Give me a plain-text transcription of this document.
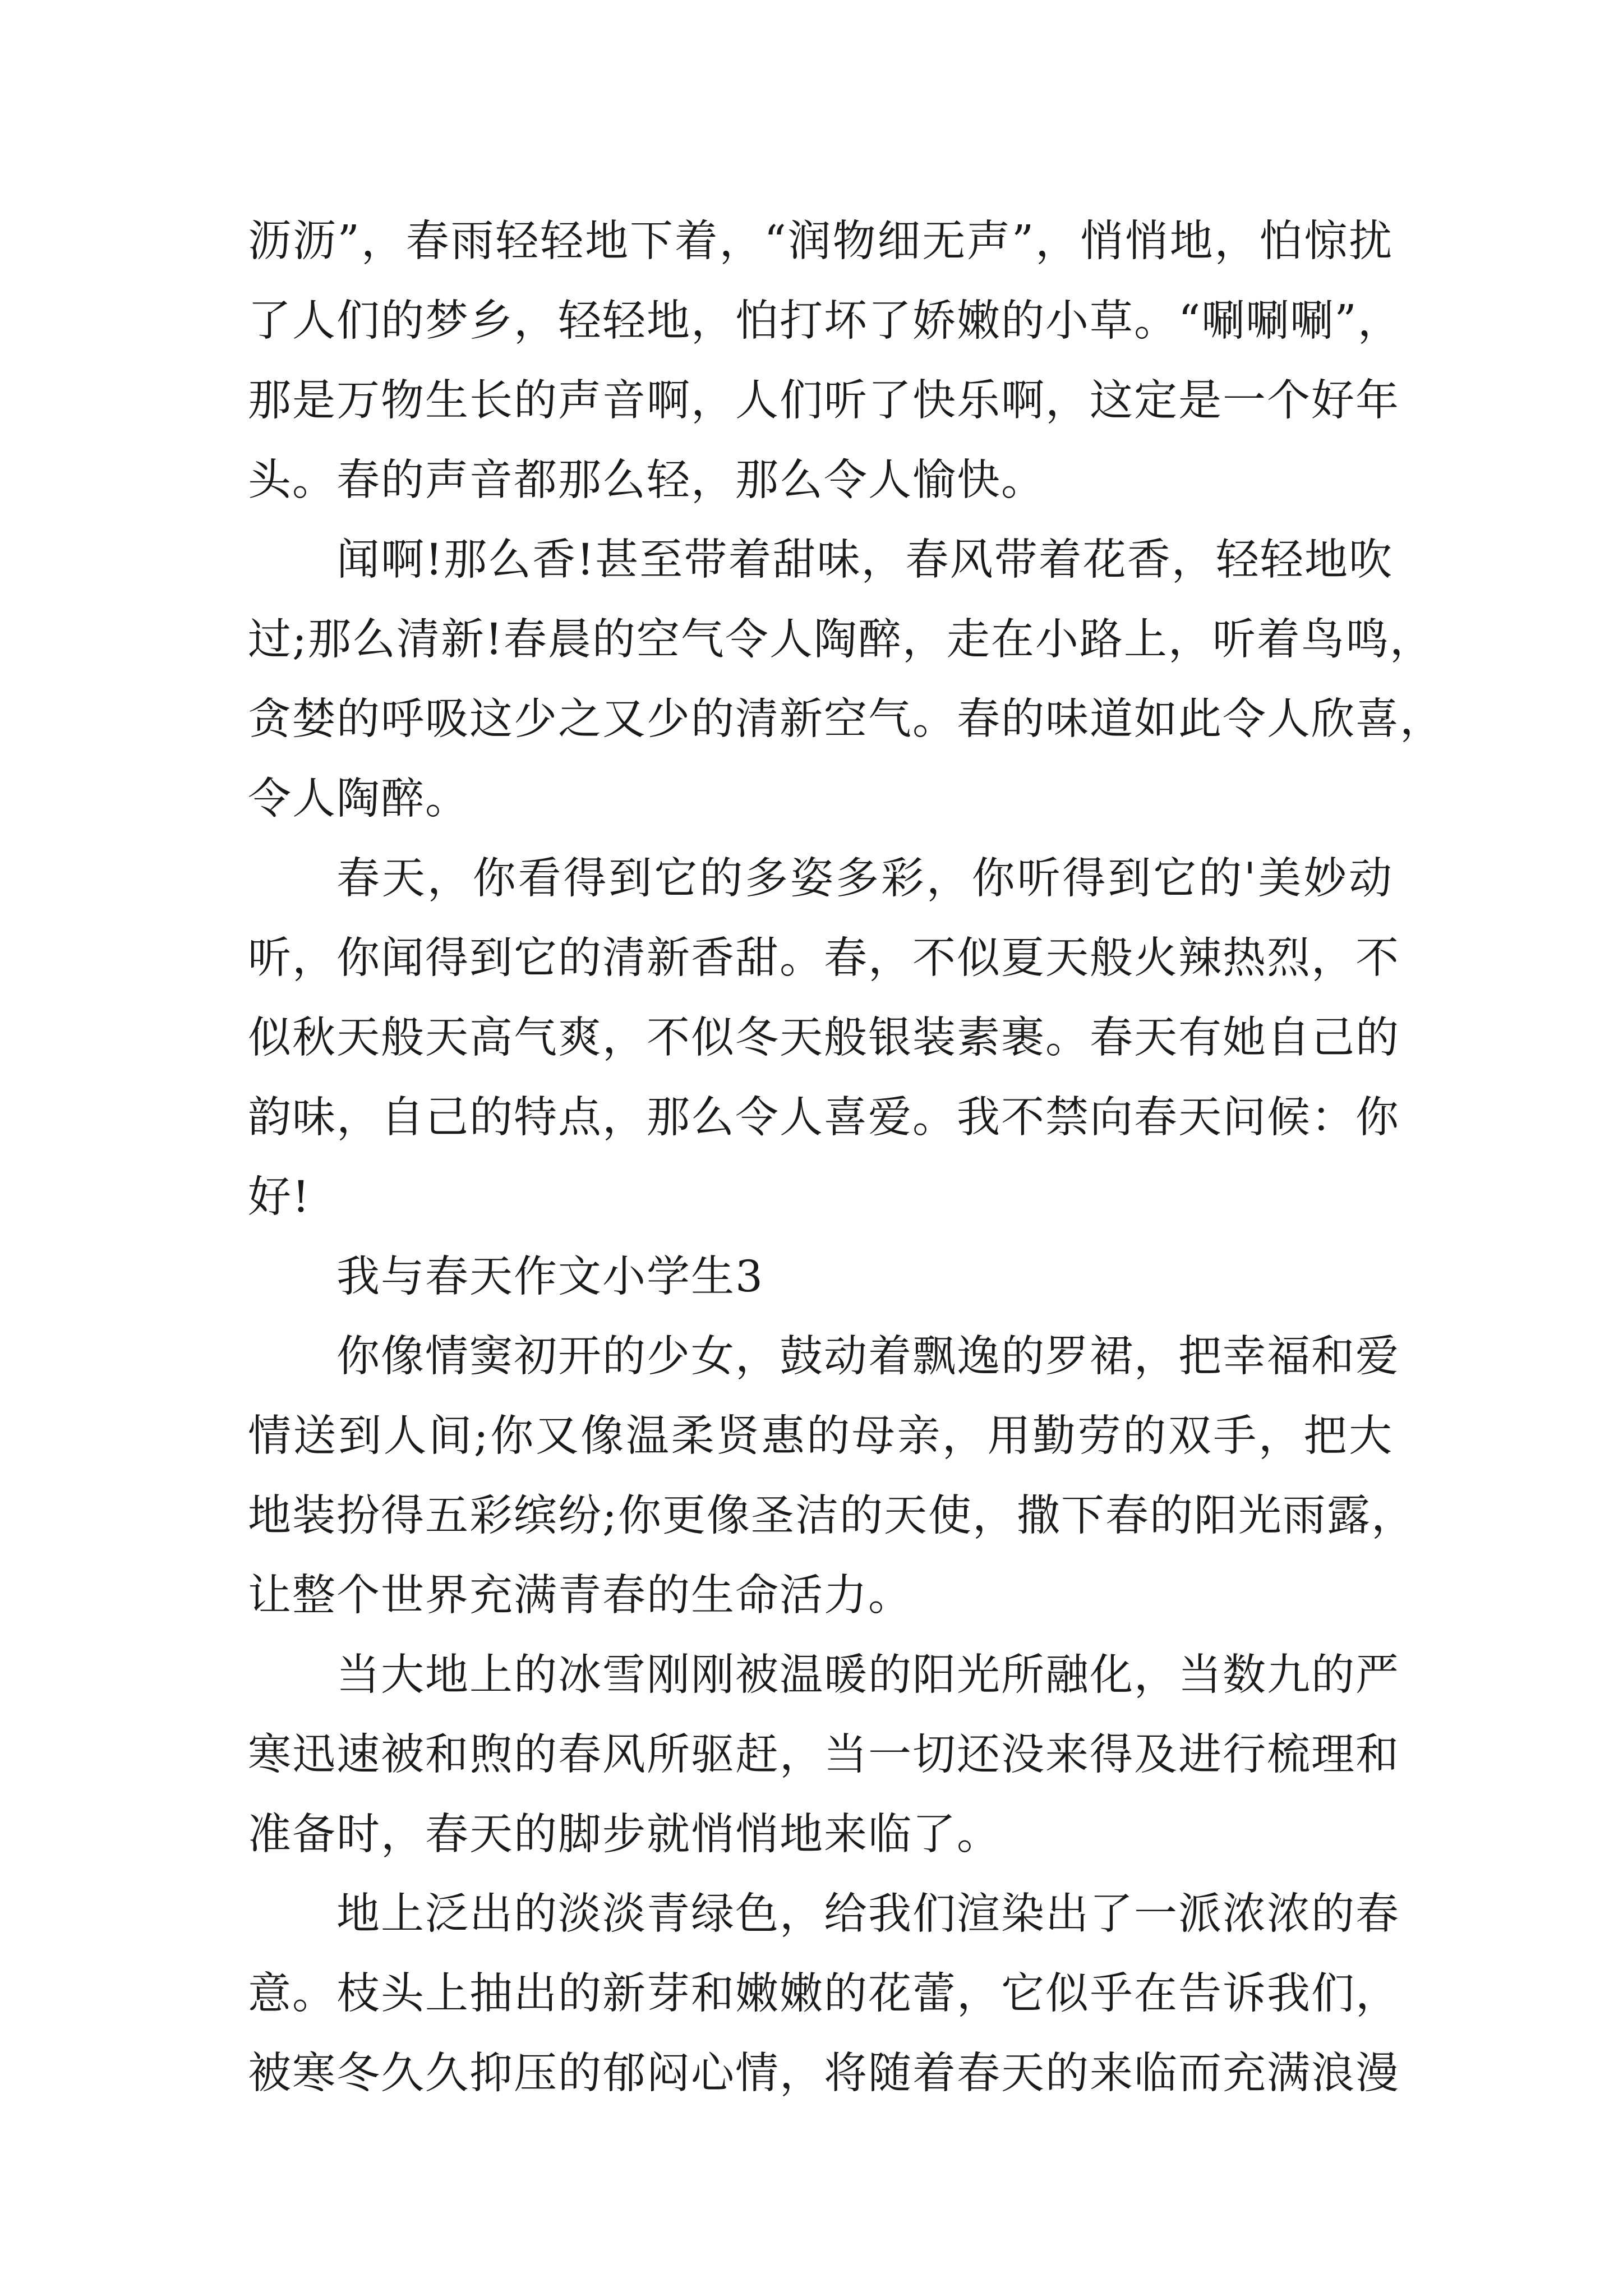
沥沥”，春雨轻轻地下着，“润物细无声”，悄悄地，怕惊扰
了人们的梦乡，轻轻地，怕打坏了娇嫩的小草。“唰唰唰”，
那是万物生长的声音啊，人们听了快乐啊，这定是一个好年
头。春的声音都那么轻，那么令人愉快。
闻啊!那么香!甚至带着甜味，春风带着花香，轻轻地吹
过;那么清新!春晨的空气令人陶醉，走在小路上，听着鸟鸣，
贪婪的呼吸这少之又少的清新空气。春的味道如此令人欣喜，
令人陶醉。
春天，你看得到它的多姿多彩，你听得到它的'美妙动
听，你闻得到它的清新香甜。春，不似夏天般火辣热烈，不
似秋天般天高气爽，不似冬天般银装素裹。春天有她自己的
韵味，自己的特点，那么令人喜爱。我不禁向春天问候：你
好!
我与春天作文小学生3
你像情窦初开的少女，鼓动着飘逸的罗裙，把幸福和爱
情送到人间;你又像温柔贤惠的母亲，用勤劳的双手，把大
地装扮得五彩缤纷;你更像圣洁的天使，撒下春的阳光雨露，
让整个世界充满青春的生命活力。
当大地上的冰雪刚刚被温暖的阳光所融化，当数九的严
寒迅速被和煦的春风所驱赶，当一切还没来得及进行梳理和
准备时，春天的脚步就悄悄地来临了。
地上泛出的淡淡青绿色，给我们渲染出了一派浓浓的春
意。枝头上抽出的新芽和嫩嫩的花蕾，它似乎在告诉我们，
被寒冬久久抑压的郁闷心情，将随着春天的来临而充满浪漫
